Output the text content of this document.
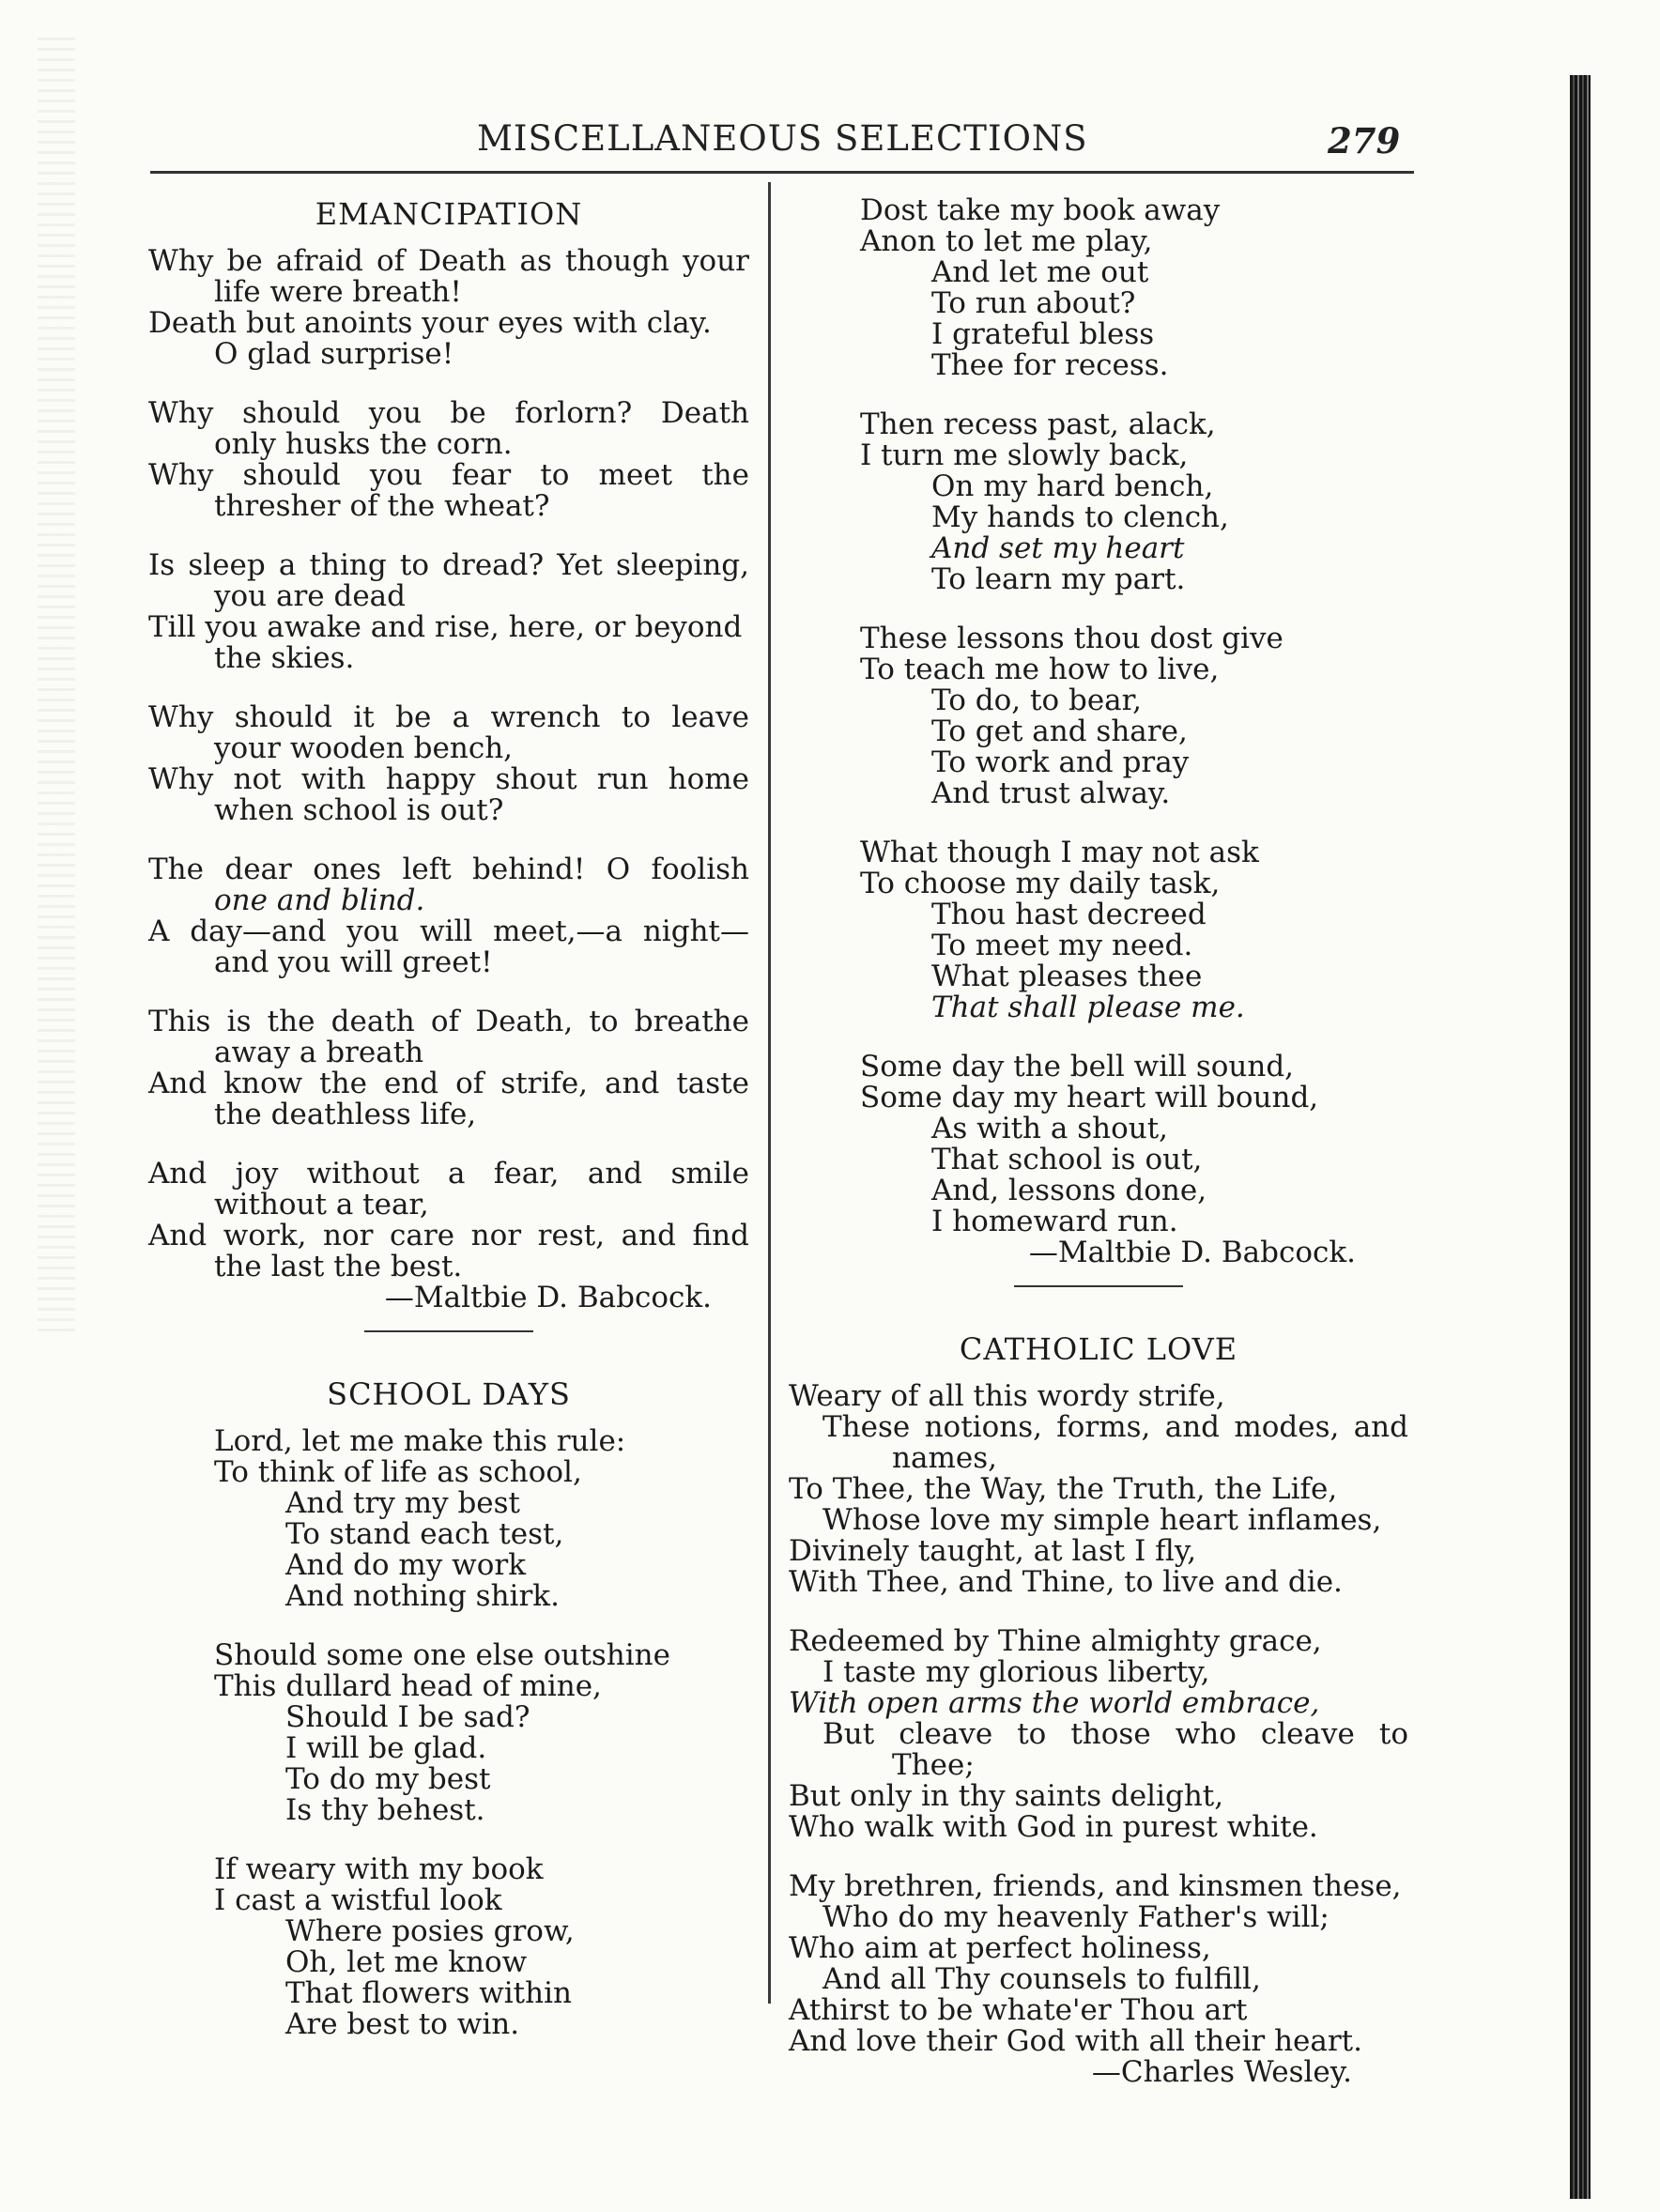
MISCELLANEOUS SELECTIONS	279
EMANCIPATION
Why be afraid of Death as though your
life were breath!
Death but anoints your eyes with clay.
O glad surprise!
Why should you be forlorn? Death
only husks the corn.
Why should you fear to meet the
thresher of the wheat?
Is sleep a thing to dread? Yet sleeping,
you are dead
Till you awake and rise, here, or beyond
the skies.
Why should it be a wrench to leave
your wooden bench,
Why not with happy shout run home
when school is out?
The dear ones left behind! O foolish
one and blind.
A day—and you will meet,—a night—
and you will greet!
This is the death of Death, to breathe
away a breath
And know the end of strife, and taste
the deathless life,
And joy without a fear, and smile
without a tear,
And work, nor care nor rest, and find
the last the best.
—Maltbie D. Babcock.
SCHOOL DAYS
Lord, let me make this rule:
To think of life as school,
And try my best
To stand each test,
And do my work
And nothing shirk.
Should some one else outshine
This dullard head of mine,
Should I be sad?
I will be glad.
To do my best
Is thy behest.
If weary with my book
I cast a wistful look
Where posies grow,
Oh, let me know
That flowers within
Are best to win.
Dost take my book away
Anon to let me play,
And let me out
To run about?
I grateful bless
Thee for recess.
Then recess past, alack,
I turn me slowly back,
On my hard bench,
My hands to clench,
And set my heart
To learn my part.
These lessons thou dost give
To teach me how to live,
To do, to bear,
To get and share,
To work and pray
And trust alway.
What though I may not ask
To choose my daily task,
Thou hast decreed
To meet my need.
What pleases thee
That shall please me.
Some day the bell will sound,
Some day my heart will bound,
As with a shout,
That school is out,
And, lessons done,
I homeward run.
—Maltbie D. Babcock.
CATHOLIC LOVE
Weary of all this wordy strife,
These notions, forms, and modes, and
names,
To Thee, the Way, the Truth, the Life,
Whose love my simple heart inflames,
Divinely taught, at last I fly,
With Thee, and Thine, to live and die.
Redeemed by Thine almighty grace,
I taste my glorious liberty,
With open arms the world embrace,
But cleave to those who cleave to
Thee;
But only in thy saints delight,
Who walk with God in purest white.
My brethren, friends, and kinsmen these,
Who do my heavenly Father's will;
Who aim at perfect holiness,
And all Thy counsels to fulfill,
Athirst to be whate'er Thou art
And love their God with all their heart.
—Charles Wesley.
